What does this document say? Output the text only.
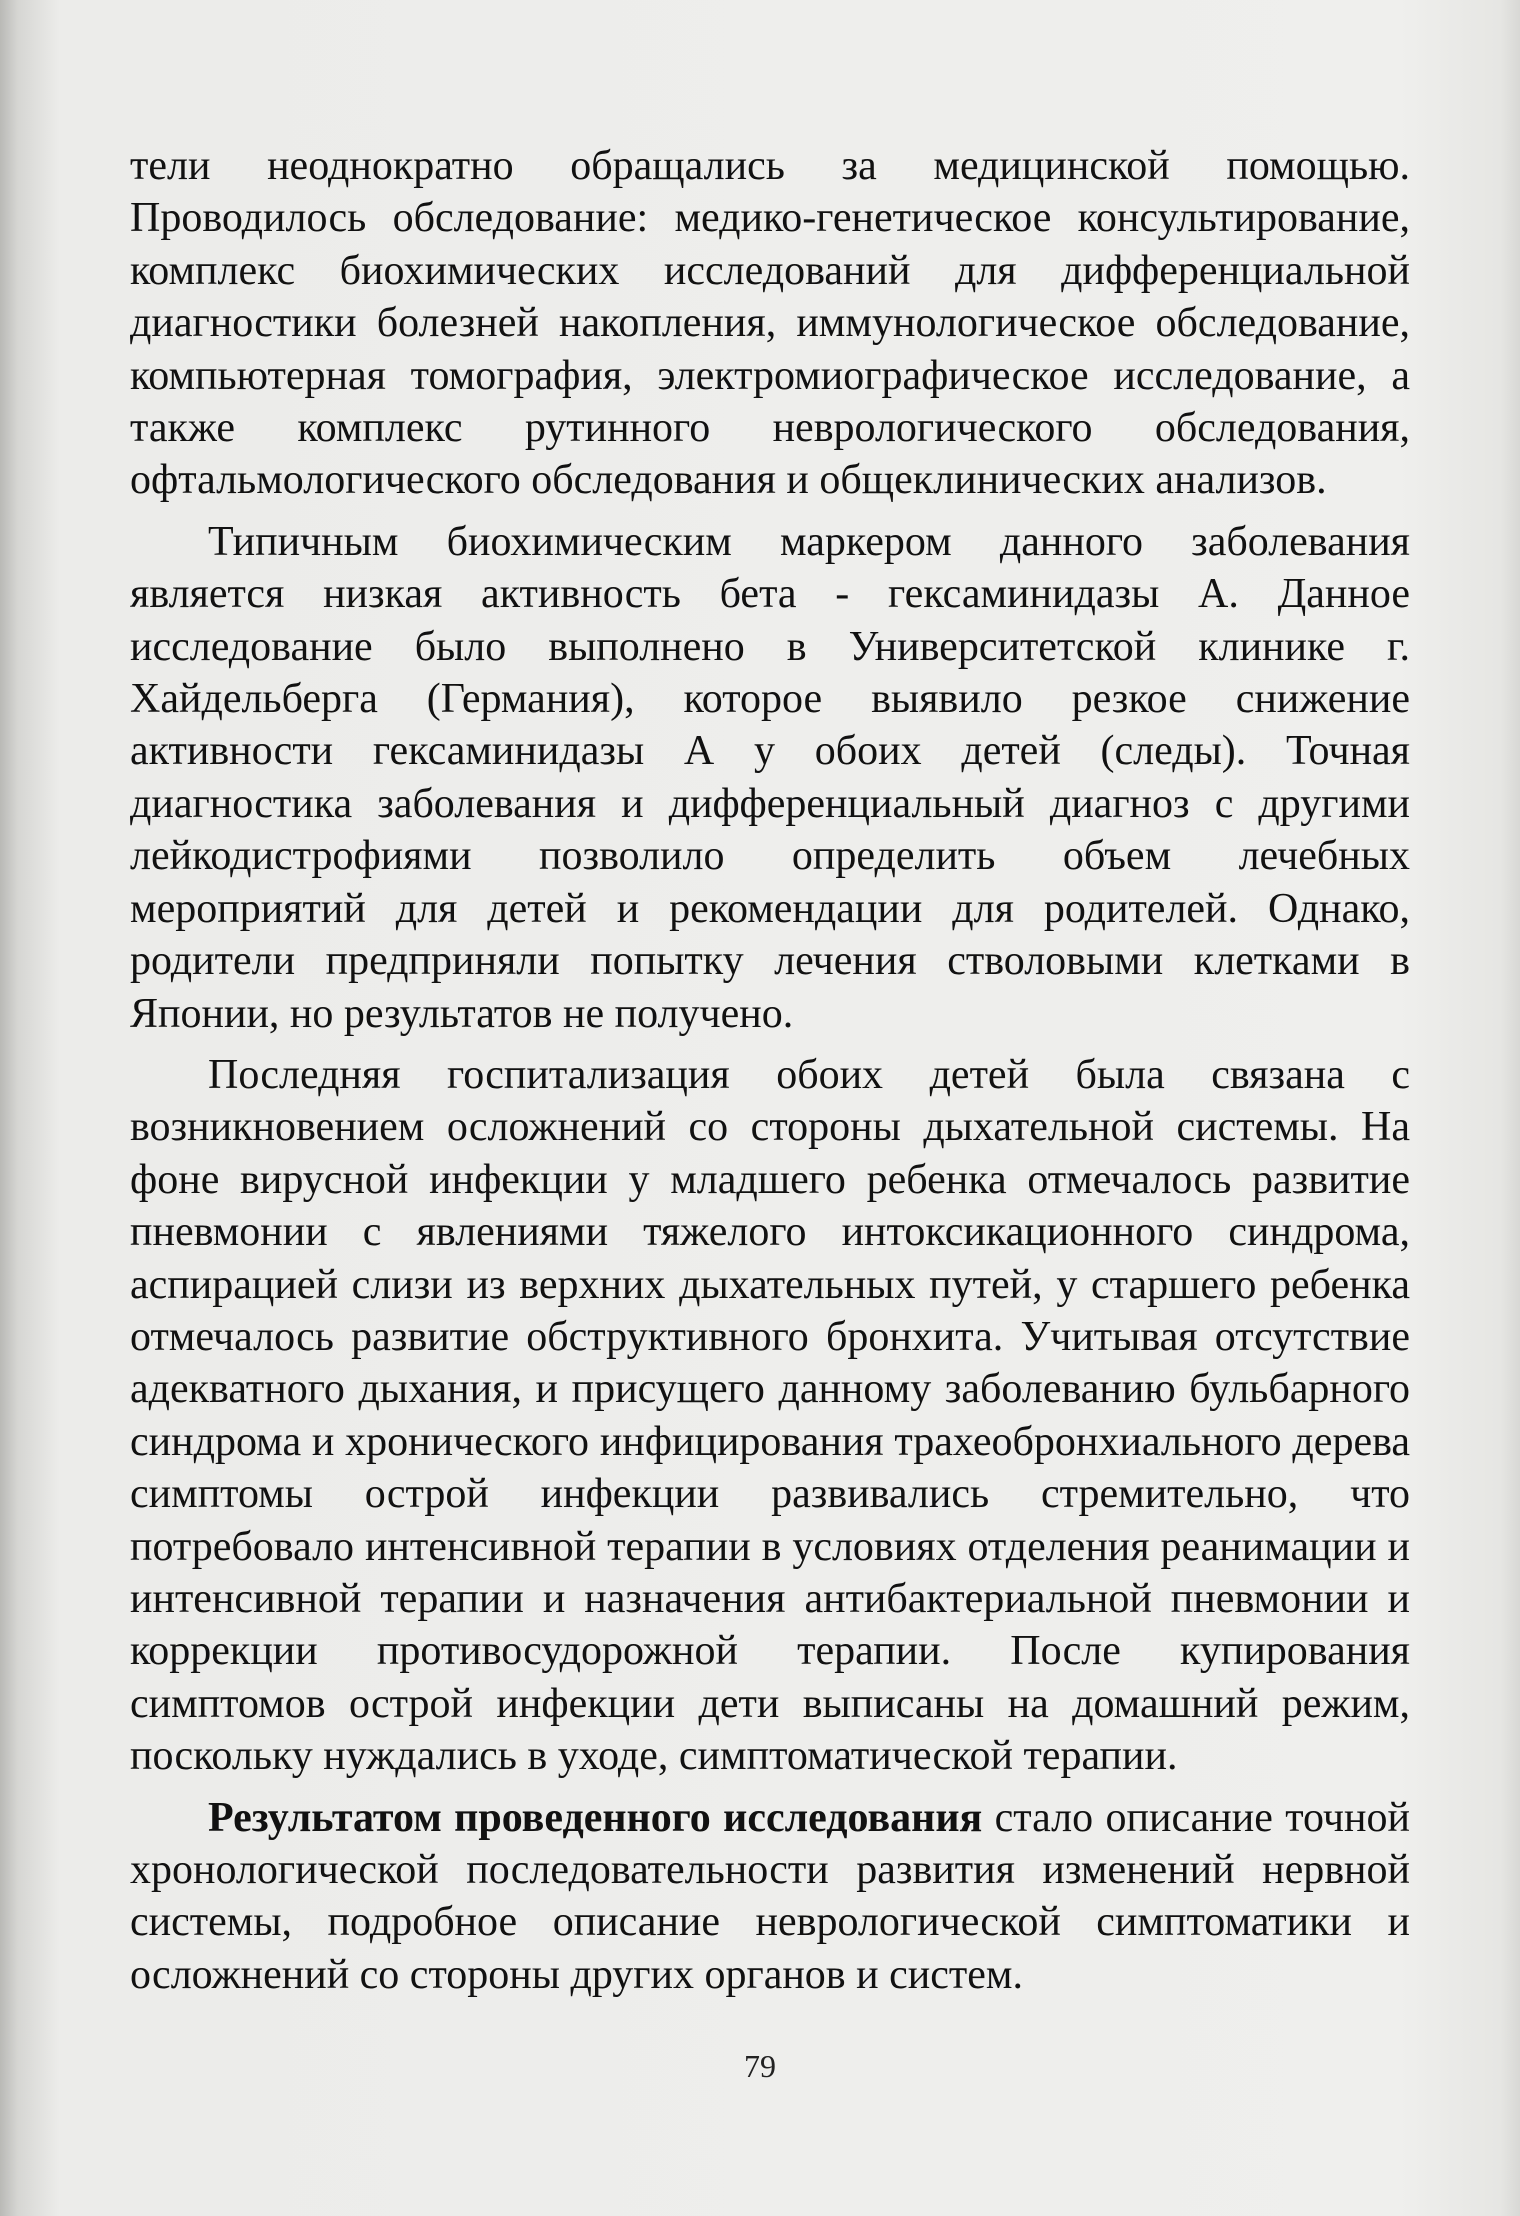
тели неоднократно обращались за медицинской помощью. Проводилось обследование: медико-генетическое консультирование, комплекс биохимических исследований для дифференциальной диагностики болезней накопления, иммунологическое обследование, компьютерная томография, электромиографическое исследование, а также комплекс рутинного неврологического обследования, офтальмологического обследования и общеклинических анализов.

Типичным биохимическим маркером данного заболевания является низкая активность бета - гексаминидазы А. Данное исследование было выполнено в Университетской клинике г. Хайдельберга (Германия), которое выявило резкое снижение активности гексаминидазы А у обоих детей (следы). Точная диагностика заболевания и дифференциальный диагноз с другими лейкодистрофиями позволило определить объем лечебных мероприятий для детей и рекомендации для родителей. Однако, родители предприняли попытку лечения стволовыми клетками в Японии, но результатов не получено.

Последняя госпитализация обоих детей была связана с возникновением осложнений со стороны дыхательной системы. На фоне вирусной инфекции у младшего ребенка отмечалось развитие пневмонии с явлениями тяжелого интоксикационного синдрома, аспирацией слизи из верхних дыхательных путей, у старшего ребенка отмечалось развитие обструктивного бронхита. Учитывая отсутствие адекватного дыхания, и присущего данному заболеванию бульбарного синдрома и хронического инфицирования трахеобронхиального дерева симптомы острой инфекции развивались стремительно, что потребовало интенсивной терапии в условиях отделения реанимации и интенсивной терапии и назначения антибактериальной пневмонии и коррекции противосудорожной терапии. После купирования симптомов острой инфекции дети выписаны на домашний режим, поскольку нуждались в уходе, симптоматической терапии.

Результатом проведенного исследования стало описание точной хронологической последовательности развития изменений нервной системы, подробное описание неврологической симптоматики и осложнений со стороны других органов и систем.

79
